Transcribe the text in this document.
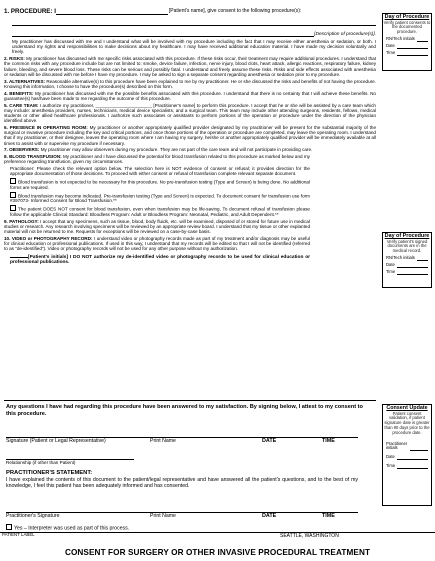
1. PROCEDURE: I	[Patient's name], give consent to the following procedure(s):
[Description of procedure(s)].

My practitioner has discussed with me and I understand what will be involved with my procedure including the fact that I may receive either anesthesia or sedation, or both. I understand my rights and responsibilities to make decisions about my healthcare. I may have received additional education material. I have made my decision voluntarily and freely.

2. RISKS: My practitioner has discussed with me specific risks associated with this procedure. If these risks occur, their treatment may require additional procedures. I understand that the common risks with any procedure include but are not limited to: smoke, device failure, infection, nerve injury, blood clots, heart attack, allergic reactions, respiratory failure, kidney failure, bleeding, and severe blood loss. These risks can be serious and possibly fatal. I understand and freely assume these risks. Risks and side effects associated with anesthesia or sedation will be discussed with me before I have my procedure. I may be asked to sign a separate consent regarding anesthesia or sedation prior to my procedure.

3. ALTERNATIVES: Reasonable alternative(s) to this procedure have been explained to me by my practitioner. He or she discussed the risks and benefits of not having the procedure. Knowing this information, I choose to have the procedure(s) described on this form.

4. BENEFITS: My practitioner has discussed with me the possible benefits associated with this procedure. I understand that there is no certainty that I will achieve these benefits. No guarantee(s) has/have been made to me regarding the outcome of this procedure.

5. CARE TEAM: I authorize my practitioner, ______________________ [Practitioner's name] to perform this procedure. I accept that he or she will be assisted by a care team which may include: anesthesia providers, nurses, technicians, medical device specialists, and a surgical team. This team may include other attending surgeons, residents, fellows, medical students or other allied healthcare professionals. I authorize such associates or assistants to perform portions of the operation or procedure under the direction of the physician identified above.

6. PRESENCE IN OPERATING ROOM: My practitioner or another appropriately qualified provider designated by my practitioner will be present for the substantial majority of the surgical or invasive procedure including the key and critical portions, and once those portions of the operation or procedure are completed, may leave the operating room. I understand that if my practitioner, or their designee, leaves the operating room where I am having my surgery, he/she or another appropriately qualified provider will be immediately available at all times to assist with or supervise my procedure if necessary.

7. OBSERVERS: My practitioner may allow observers during my procedure. They are not part of the care team and will not participate in providing care.

8. BLOOD TRANSFUSION: My practitioner and I have discussed the potential for blood transfusion related to this procedure as marked below and my preference regarding transfusion, given my circumstances.

Practitioner: Please check the relevant option below. The selection here is NOT evidence of consent or refusal; it provides direction for the appropriate documentation of those decisions. To proceed with either consent or refusal of transfusion complete relevant separate document.

Blood transfusion is not expected to be necessary for this procedure. No pre-transfusion testing (Type and Screen) is being done. No additional forms are required.

Blood transfusion may become indicated. Pre-transfusion testing (Type and Screen) is expected. To document consent for transfusion use form #397073- Informed Consent for Blood Transfusion.**

The patient DOES NOT consent for blood transfusion, even when transfusion may be life-saving. To document refusal of transfusion please follow the applicable Clinical Standard: Bloodless Program: Adult or Bloodless Program: Neonatal, Pediatric, and Adult Dependent.**

9. PATHOLOGY: I accept that any specimens, such as tissue, blood, body fluids, etc. will be examined, disposed of or stored for future use in medical studies or research. Any research involving specimens will be reviewed by an appropriate review board. I understand that my tissue or other explanted material will not be returned to me. Requests for exceptions will be reviewed on a case-by-case basis.

10. VIDEO or PHOTOGRAPHY RECORD: I understand video or photography records made as part of my treatment and/or diagnosis may be useful for clinical education or professional publications. If used in this way, I understand that my records will be edited so that I will not be identified (referred to as "de-identified"). Video or photography records will not be used for any other purpose without my authorization.

[Patient's initials] I DO NOT authorize my de-identified video or photography records to be used for clinical education or professional publications.

Day of Procedure
Verify patient consents to the documented procedure.
RN/Tech initials
Date
Time
Day of Procedure
Verify patient's signed documents are in the medical record.
RN/Tech initials
Date
Time
Any questions I have had regarding this procedure have been answered to my satisfaction. By signing below, I attest to my consent to this procedure.
Signature (Patient or Legal Representative)	Print Name	DATE	TIME
Relationship (if other than Patient)
PRACTITIONER'S STATEMENT:
I have explained the contents of this document to the patient/legal representative and have answered all the patient's questions, and to the best of my knowledge, I feel this patient has been adequately informed and has consented.
Practitioner's Signature	Print Name	DATE	TIME
Yes – Interpreter was used as part of this process.
Consent Update
Patient consent validation, if patient signature date is greater than 90 days prior to the procedure date.
Practitioner initials
Date
Time
PATIENT LABEL	SEATTLE, WASHINGTON
CONSENT FOR SURGERY OR OTHER INVASIVE PROCEDURAL TREATMENT
